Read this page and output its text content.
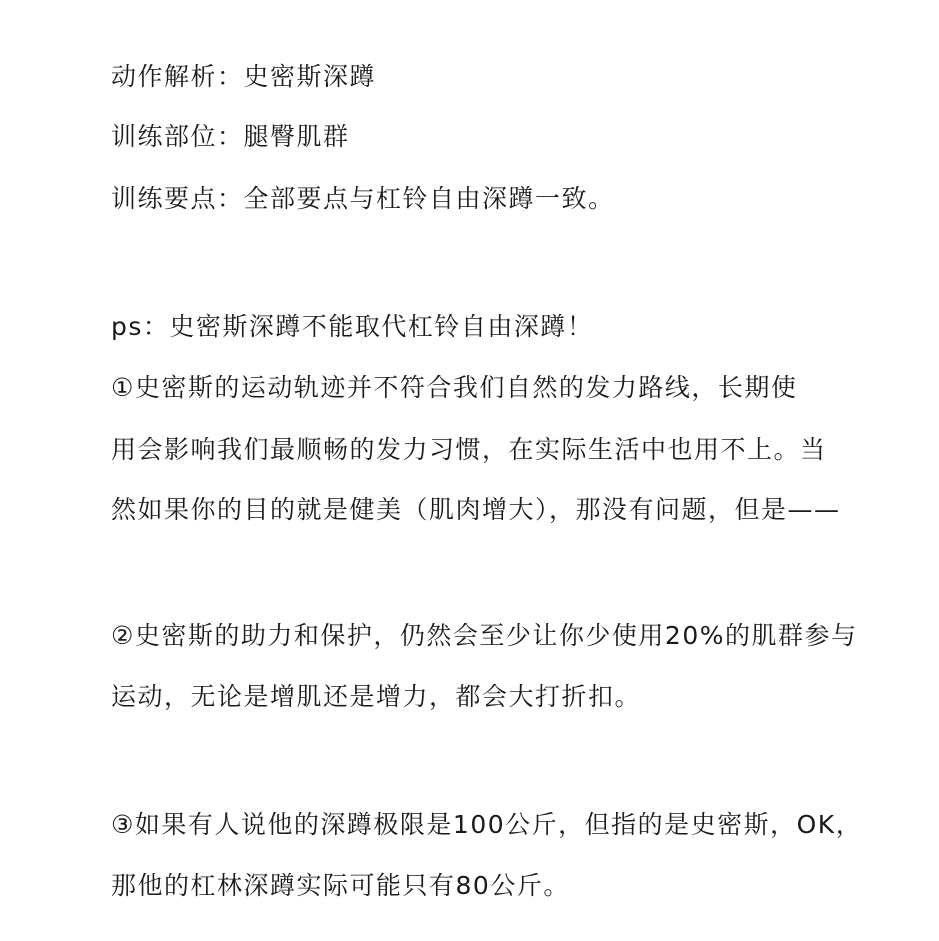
动作解析：史密斯深蹲

训练部位：腿臀肌群

训练要点：全部要点与杠铃自由深蹲一致。

ps：史密斯深蹲不能取代杠铃自由深蹲！

①史密斯的运动轨迹并不符合我们自然的发力路线，长期使

用会影响我们最顺畅的发力习惯，在实际生活中也用不上。当

然如果你的目的就是健美（肌肉增大），那没有问题，但是——

②史密斯的助力和保护，仍然会至少让你少使用20%的肌群参与

运动，无论是增肌还是增力，都会大打折扣。

③如果有人说他的深蹲极限是100公斤，但指的是史密斯，OK，

那他的杠林深蹲实际可能只有80公斤。
